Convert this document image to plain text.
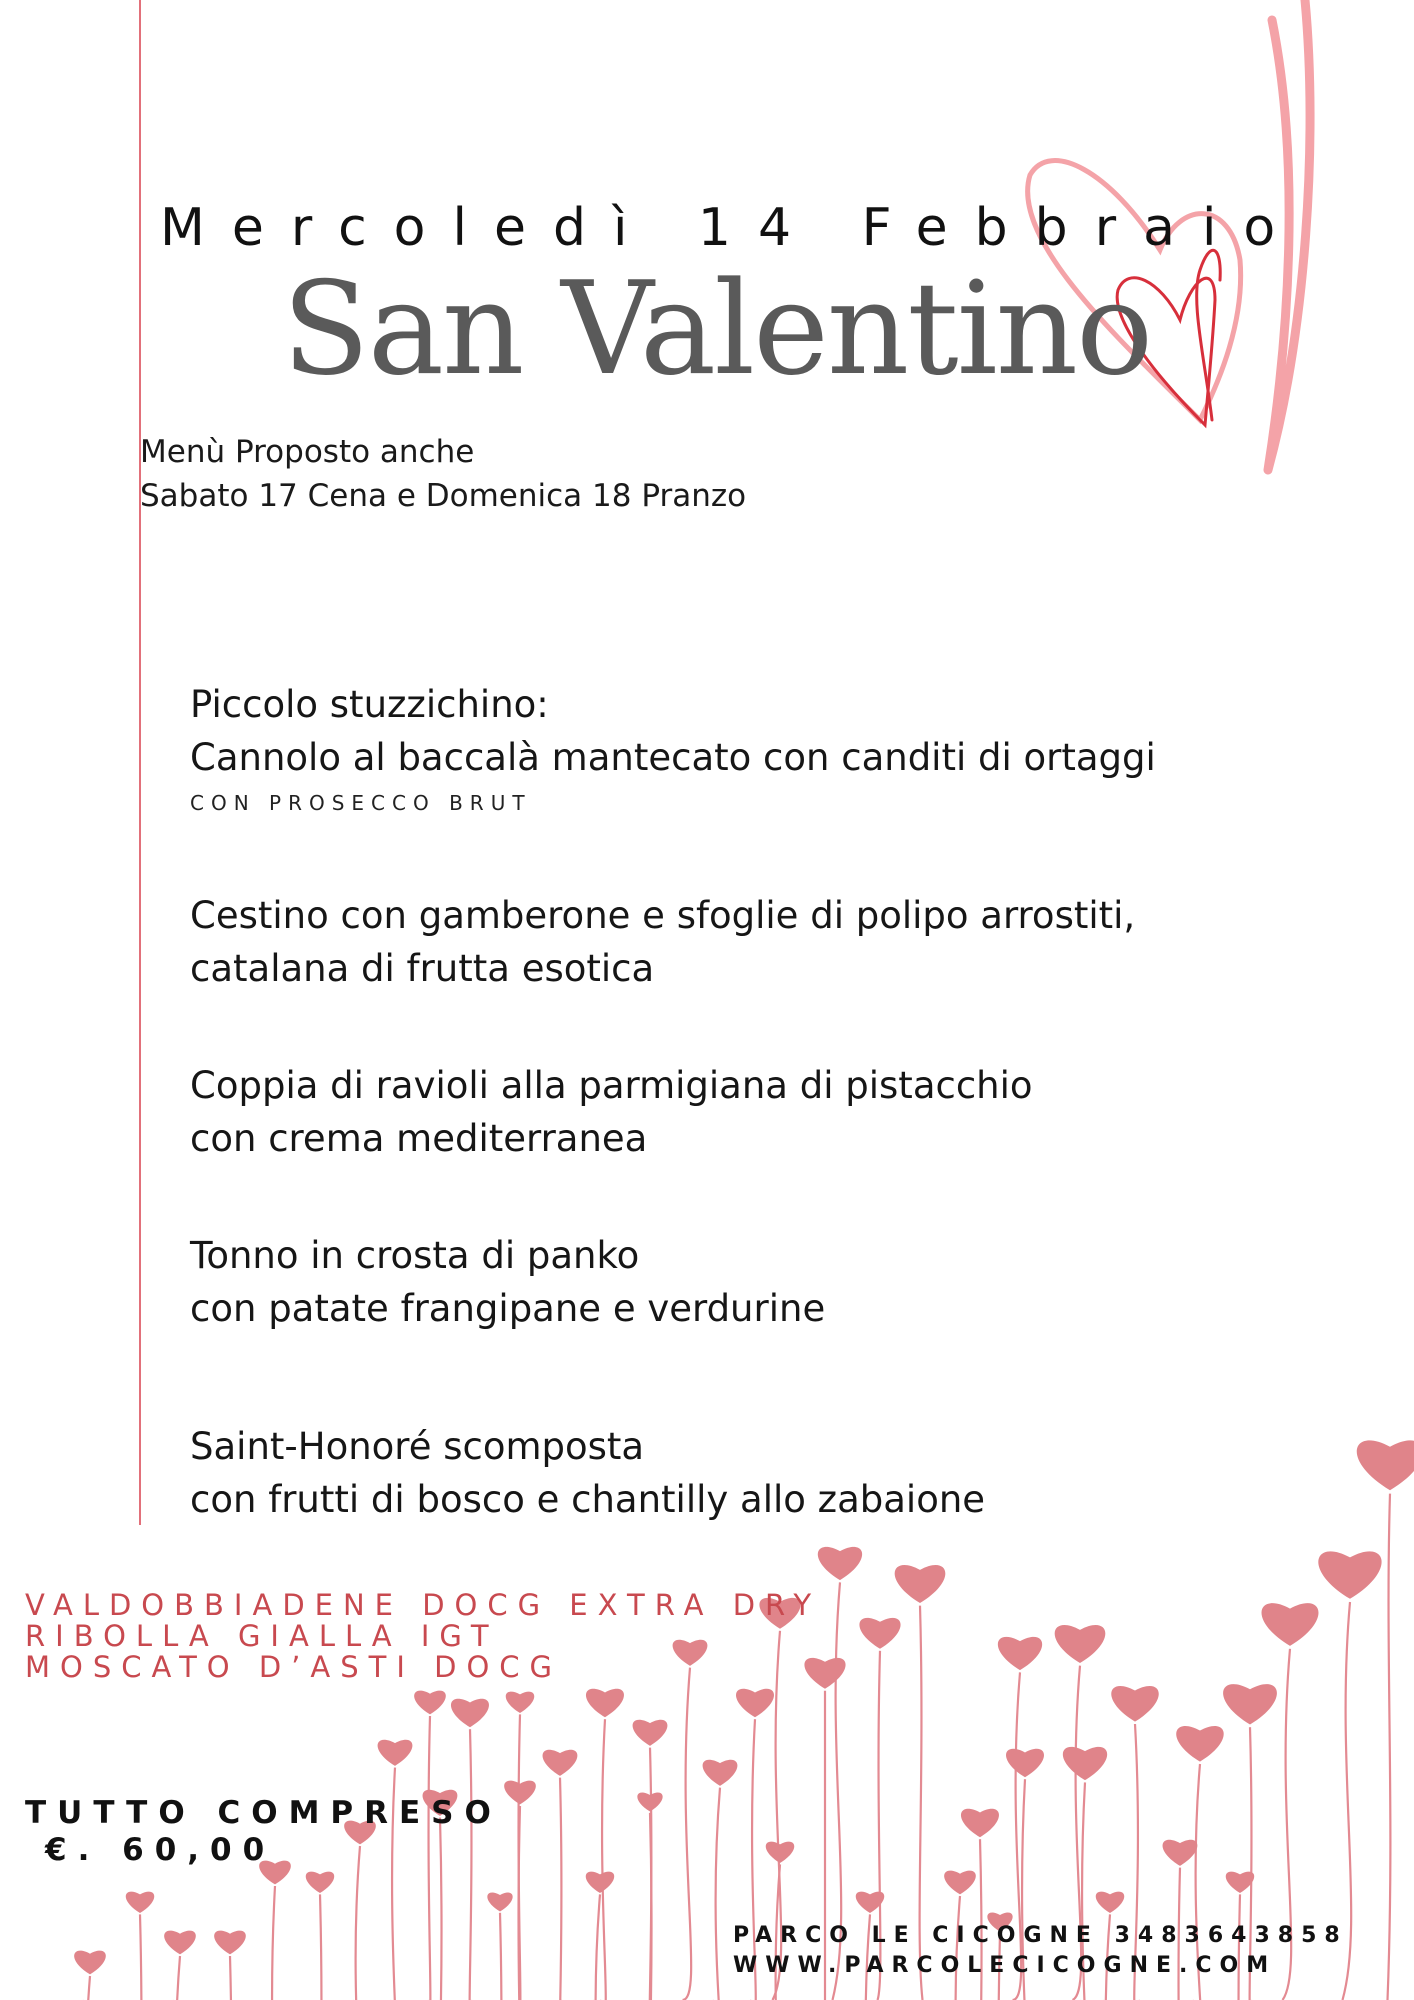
Mercoledì 14 Febbraio
San Valentino
Menù Proposto anche
Sabato 17 Cena e Domenica 18 Pranzo
Piccolo stuzzichino:
Cannolo al baccalà mantecato con canditi di ortaggi
CON PROSECCO BRUT
Cestino con gamberone e sfoglie di polipo arrostiti,
catalana di frutta esotica
Coppia di ravioli alla parmigiana di pistacchio
con crema mediterranea
Tonno in crosta di panko
con patate frangipane e verdurine
Saint-Honoré scomposta
con frutti di bosco e chantilly allo zabaione
VALDOBBIADENE DOCG EXTRA DRY
RIBOLLA GIALLA IGT
MOSCATO D’ASTI DOCG
TUTTO COMPRESO
€. 60,00
PARCO LE CICOGNE 3483643858
WWW.PARCOLECICOGNE.COM
